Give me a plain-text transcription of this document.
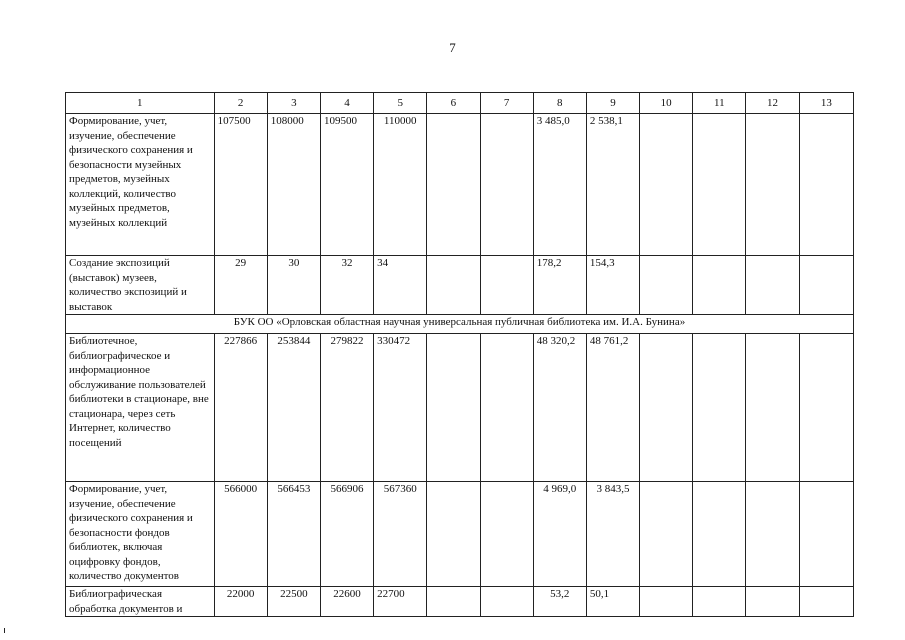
7
1	2	3	4	5	6	7	8	9	10	11	12	13
Формирование, учет, изучение, обеспечение физического сохранения и безопасности музейных предметов, музейных коллекций, количество музейных предметов, музейных коллекций	107500	108000	109500	110000			3 485,0	2 538,1				
Создание экспозиций (выставок) музеев, количество экспозиций и выставок	29	30	32	34			178,2	154,3				
БУК ОО «Орловская областная научная универсальная публичная библиотека им. И.А. Бунина»												
Библиотечное, библиографическое и информационное обслуживание пользователей библиотеки в стационаре, вне стационара, через сеть Интернет, количество посещений	227866	253844	279822	330472			48 320,2	48 761,2				
Формирование, учет, изучение, обеспечение физического сохранения и безопасности фондов библиотек, включая оцифровку фондов, количество документов	566000	566453	566906	567360			4 969,0	3 843,5				
Библиографическая обработка документов и	22000	22500	22600	22700			53,2	50,1				
